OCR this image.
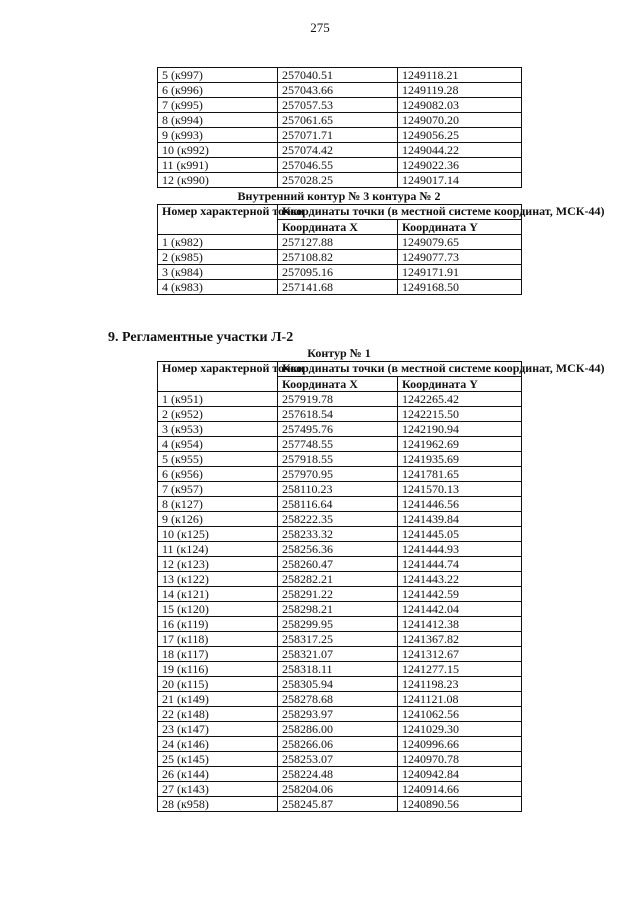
275
5 (к997)	257040.51	1249118.21
6 (к996)	257043.66	1249119.28
7 (к995)	257057.53	1249082.03
8 (к994)	257061.65	1249070.20
9 (к993)	257071.71	1249056.25
10 (к992)	257074.42	1249044.22
11 (к991)	257046.55	1249022.36
12 (к990)	257028.25	1249017.14
Внутренний контур № 3 контура № 2
Номер характерной точки	Координаты точки (в местной системе координат, МСК-44)	
	Координата X	Координата Y
1 (к982)	257127.88	1249079.65
2 (к985)	257108.82	1249077.73
3 (к984)	257095.16	1249171.91
4 (к983)	257141.68	1249168.50
9. Регламентные участки Л-2
Контур № 1
Номер характерной точки	Координаты точки (в местной системе координат, МСК-44)	
	Координата X	Координата Y
1 (к951)	257919.78	1242265.42
2 (к952)	257618.54	1242215.50
3 (к953)	257495.76	1242190.94
4 (к954)	257748.55	1241962.69
5 (к955)	257918.55	1241935.69
6 (к956)	257970.95	1241781.65
7 (к957)	258110.23	1241570.13
8 (к127)	258116.64	1241446.56
9 (к126)	258222.35	1241439.84
10 (к125)	258233.32	1241445.05
11 (к124)	258256.36	1241444.93
12 (к123)	258260.47	1241444.74
13 (к122)	258282.21	1241443.22
14 (к121)	258291.22	1241442.59
15 (к120)	258298.21	1241442.04
16 (к119)	258299.95	1241412.38
17 (к118)	258317.25	1241367.82
18 (к117)	258321.07	1241312.67
19 (к116)	258318.11	1241277.15
20 (к115)	258305.94	1241198.23
21 (к149)	258278.68	1241121.08
22 (к148)	258293.97	1241062.56
23 (к147)	258286.00	1241029.30
24 (к146)	258266.06	1240996.66
25 (к145)	258253.07	1240970.78
26 (к144)	258224.48	1240942.84
27 (к143)	258204.06	1240914.66
28 (к958)	258245.87	1240890.56
